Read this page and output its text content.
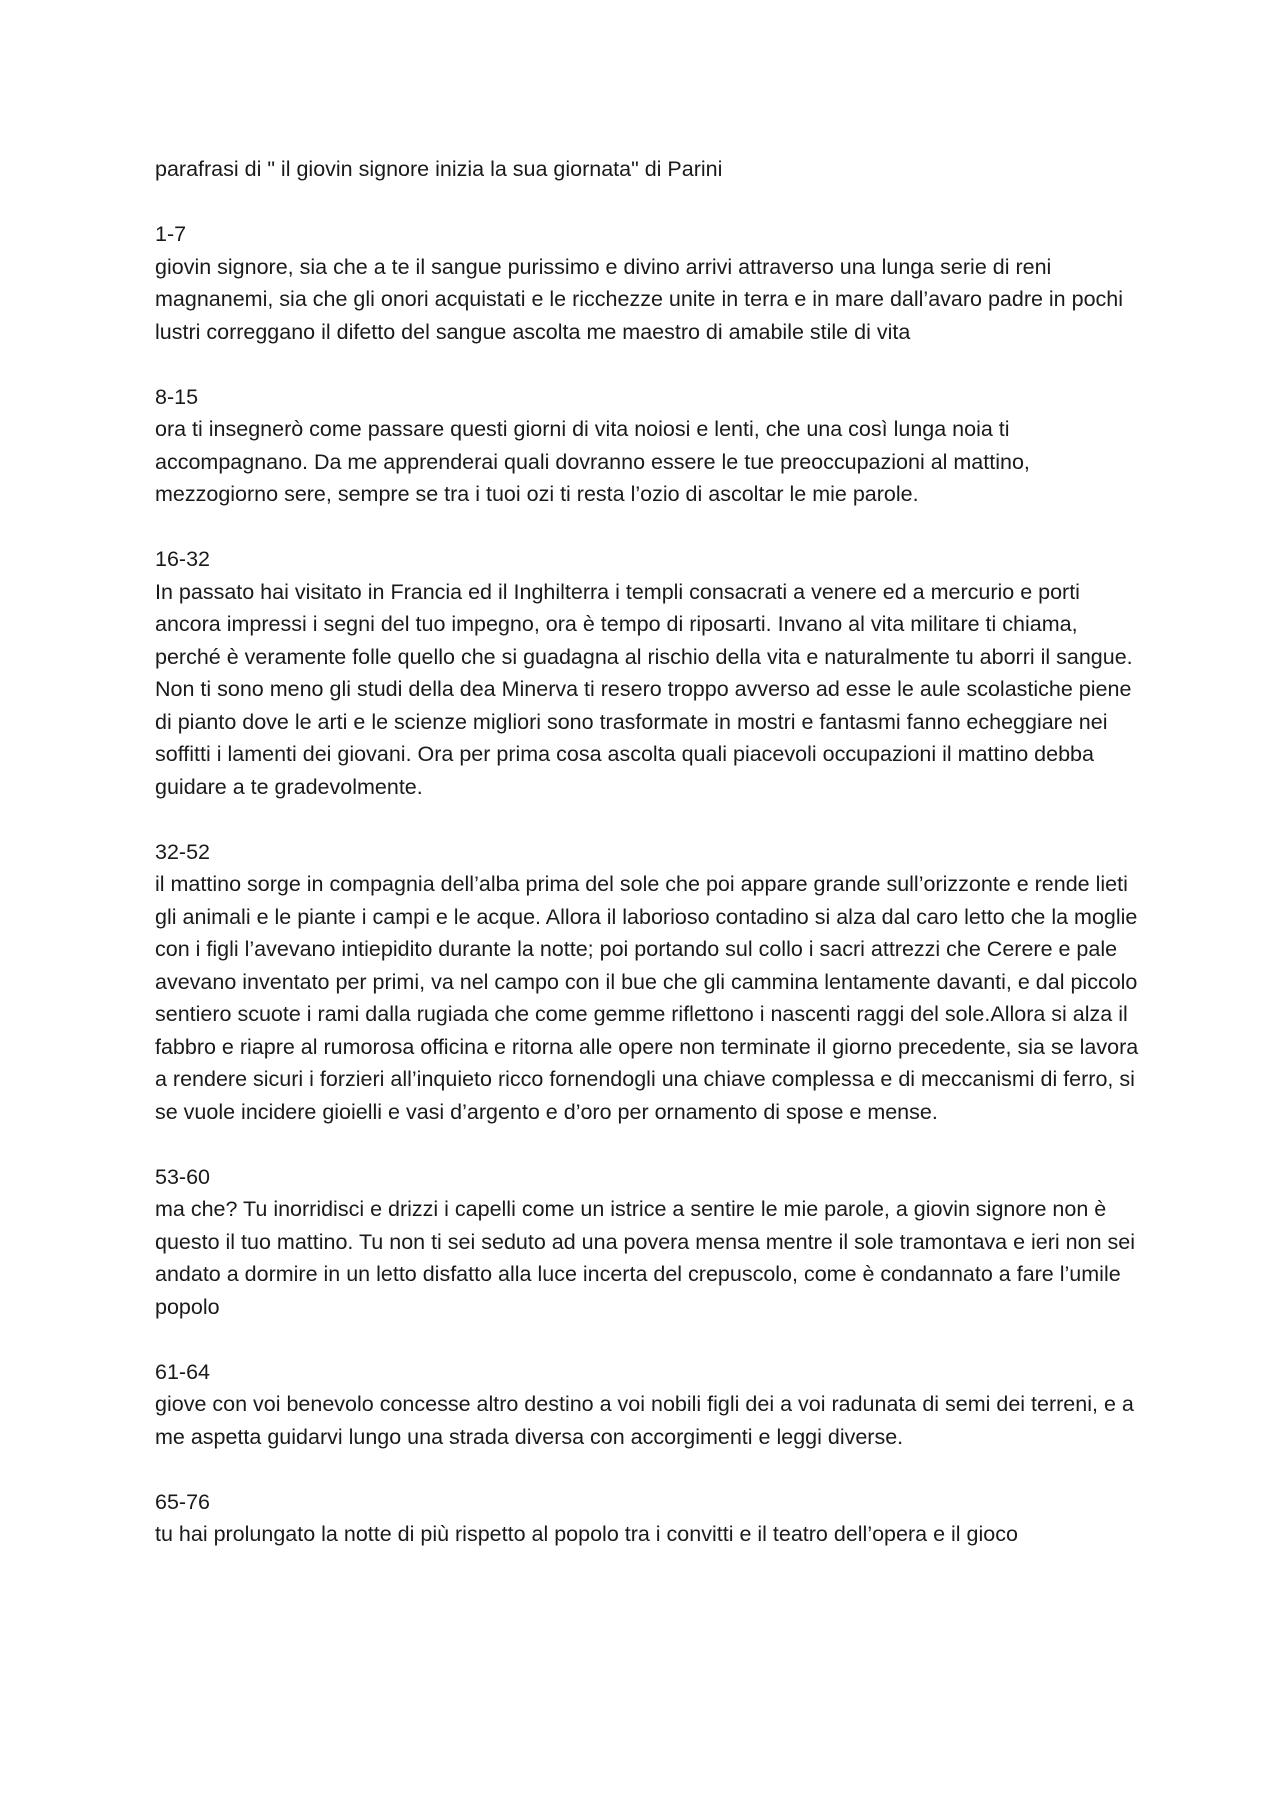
parafrasi di " il giovin signore inizia la sua giornata" di Parini

1-7

giovin signore, sia che a te il sangue purissimo e divino arrivi attraverso una lunga serie di reni magnanemi, sia che gli onori acquistati e le ricchezze unite in terra e in mare dall’avaro padre in pochi lustri correggano il difetto del sangue ascolta me maestro di amabile stile di vita

8-15

ora ti insegnerò come passare questi giorni di vita noiosi e lenti, che una così lunga noia ti accompagnano. Da me apprenderai quali dovranno essere le tue preoccupazioni al mattino, mezzogiorno sere, sempre se tra i tuoi ozi ti resta l’ozio di ascoltar le mie parole.

16-32

In passato hai visitato in Francia ed il Inghilterra i templi consacrati a venere ed a mercurio e porti ancora impressi i segni del tuo impegno, ora è tempo di riposarti. Invano al vita militare ti chiama, perché è veramente folle quello che si guadagna al rischio della vita e naturalmente tu aborri il sangue. Non ti sono meno gli studi della dea Minerva ti resero troppo avverso ad esse le aule scolastiche piene di pianto dove le arti e le scienze migliori sono trasformate in mostri e fantasmi fanno echeggiare nei soffitti i lamenti dei giovani. Ora per prima cosa ascolta quali piacevoli occupazioni il mattino debba guidare a te gradevolmente.

32-52

il mattino sorge in compagnia dell’alba prima del sole che poi appare grande sull’orizzonte e rende lieti gli animali e le piante i campi e le acque. Allora il laborioso contadino si alza dal caro letto che la moglie con i figli l’avevano intiepidito durante la notte; poi portando sul collo i sacri attrezzi che Cerere e pale avevano inventato per primi, va nel campo con il bue che gli cammina lentamente davanti, e dal piccolo sentiero scuote i rami dalla rugiada che come gemme riflettono i nascenti raggi del sole.Allora si alza il fabbro e riapre al rumorosa officina e ritorna alle opere non terminate il giorno precedente, sia se lavora a rendere sicuri i forzieri all’inquieto ricco fornendogli una chiave complessa e di meccanismi di ferro, si se vuole incidere gioielli e vasi d’argento e d’oro per ornamento di spose e mense.

53-60

ma che? Tu inorridisci e drizzi i capelli come un istrice a sentire le mie parole, a giovin signore non è questo il tuo mattino. Tu non ti sei seduto ad una povera mensa mentre il sole tramontava e ieri non sei andato a dormire in un letto disfatto alla luce incerta del crepuscolo, come è condannato a fare l’umile popolo

61-64

giove con voi benevolo concesse altro destino a voi nobili figli dei a voi radunata di semi dei terreni, e a me aspetta guidarvi lungo una strada diversa con accorgimenti e leggi diverse.

65-76

tu hai prolungato la notte di più rispetto al popolo tra i convitti e il teatro dell’opera e il gioco
